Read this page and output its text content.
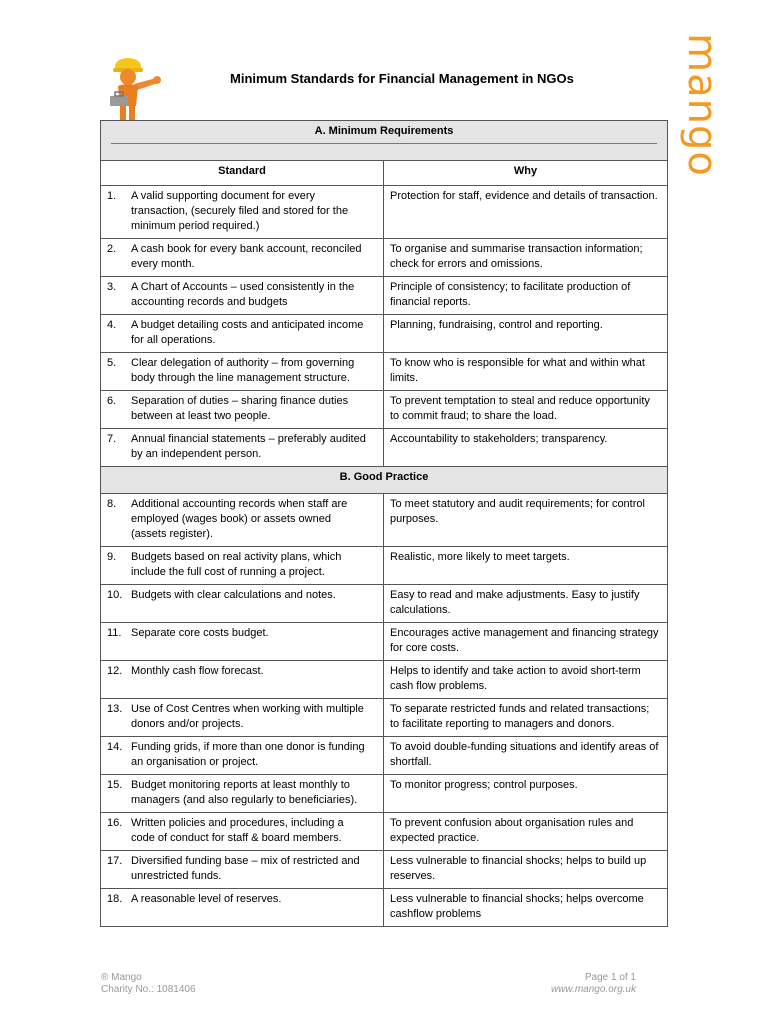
Minimum Standards for Financial Management in NGOs	mango
A. Minimum Requirements	

Standard	Why
1. A valid supporting document for every transaction, (securely filed and stored for the minimum period required.)	Protection for staff, evidence and details of transaction.
2. A cash book for every bank account, reconciled every month.	To organise and summarise transaction information; check for errors and omissions.
3. A Chart of Accounts – used consistently in the accounting records and budgets	Principle of consistency; to facilitate production of financial reports.
4. A budget detailing costs and anticipated income for all operations.	Planning, fundraising, control and reporting.
5. Clear delegation of authority – from governing body through the line management structure.	To know who is responsible for what and within what limits.
6. Separation of duties – sharing finance duties between at least two people.	To prevent temptation to steal and reduce opportunity to commit fraud; to share the load.
7. Annual financial statements – preferably audited by an independent person.	Accountability to stakeholders; transparency.
B. Good Practice	
8. Additional accounting records when staff are employed (wages book) or assets owned (assets register).	To meet statutory and audit requirements; for control purposes.
9. Budgets based on real activity plans, which include the full cost of running a project.	Realistic, more likely to meet targets.
10. Budgets with clear calculations and notes.	Easy to read and make adjustments. Easy to justify calculations.
11. Separate core costs budget.	Encourages active management and financing strategy for core costs.
12. Monthly cash flow forecast.	Helps to identify and take action to avoid short-term cash flow problems.
13. Use of Cost Centres when working with multiple donors and/or projects.	To separate restricted funds and related transactions; to facilitate reporting to managers and donors.
14. Funding grids, if more than one donor is funding an organisation or project.	To avoid double-funding situations and identify areas of shortfall.
15. Budget monitoring reports at least monthly to managers (and also regularly to beneficiaries).	To monitor progress; control purposes.
16. Written policies and procedures, including a code of conduct for staff & board members.	To prevent confusion about organisation rules and expected practice.
17. Diversified funding base – mix of restricted and unrestricted funds.	Less vulnerable to financial shocks; helps to build up reserves.
18. A reasonable level of reserves.	Less vulnerable to financial shocks; helps overcome cashflow problems
® Mango
Charity No.: 1081406
Page 1 of 1
www.mango.org.uk
